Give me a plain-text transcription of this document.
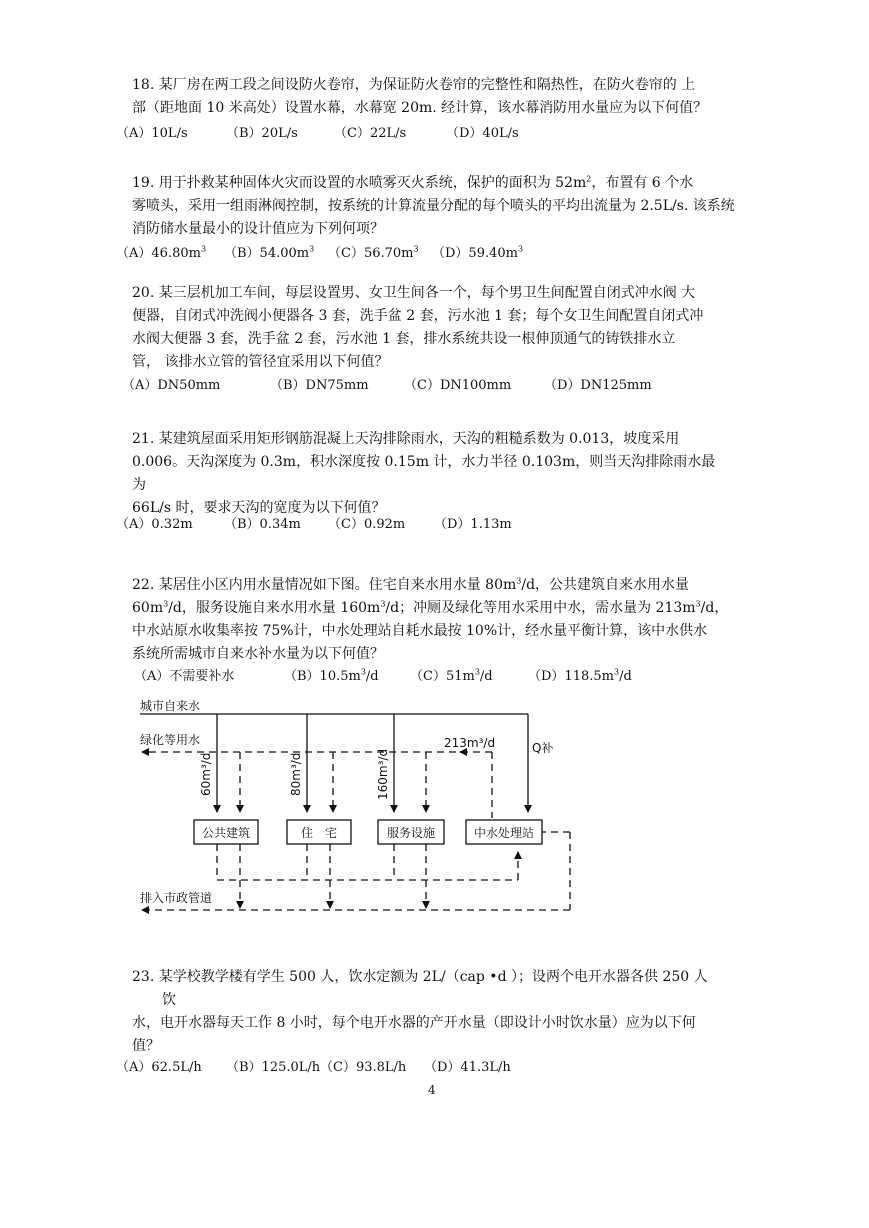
18. 某厂房在两工段之间设防火卷帘，为保证防火卷帘的完整性和隔热性，在防火卷帘的 上

部（距地面 10 米高处）设置水幕，水幕宽 20m. 经计算，该水幕消防用水量应为以下何值？

（A）10L/s	（B）20L/s	（C）22L/s	（D）40L/s

19. 用于扑救某种固体火灾而设置的水喷雾灭火系统，保护的面积为 $52m^2$，布置有 6 个水

雾喷头，采用一组雨淋阀控制，按系统的计算流量分配的每个喷头的平均出流量为 2.5L/s. 该系统

消防储水量最小的设计值应为下列何项？

$(A)46.80m^3$	$(B)54.00m^3$	$(C)56.70m^3$	$(D)59.40m^3$

20. 某三层机加工车间，每层设置男、女卫生间各一个，每个男卫生间配置自闭式冲水阀 大

便器，自闭式冲洗阀小便器各 3 套，洗手盆 2 套，污水池 1 套；每个女卫生间配置自闭式冲

水阀大便器 3 套，洗手盆 2 套，污水池 1 套，排水系统共设一根伸顶通气的铸铁排水立

管， 该排水立管的管径宜采用以下何值？

（A）DN50mm	（B）DN75mm	（C）DN100mm	（D）DN125mm

21. 某建筑屋面采用矩形钢筋混凝上天沟排除雨水，天沟的粗糙系数为 0.013，坡度采用

0.006。天沟深度为 0.3m，积水深度按 0.15m 计，水力半径 0.103m，则当天沟排除雨水最

为

66L/s 时，要求天沟的宽度为以下何值？

（A）0.32m	（B）0.34m	（C）0.92m	（D）1.13m

22. 某居住小区内用水量情况如下图。住宅自来水用水量 $80m^3/d$，公共建筑自来水用水量

$60m^3/d$，服务设施自来水用水量 $160m^3/d$；冲厕及绿化等用水采用中水，需水量为 $213m^3/d$，

中水站原水收集率按 75%计，中水处理站自耗水最按 10%计，经水量平衡计算，该中水供水

系统所需城市自来水补水量为以下何值？

（A）不需要补水	$(B)10.5m^3/d$	$(C)51m^3/d$	$(D)118.5m^3/d$
城市自来水
绿化等用水
排入市政管道
213m³/d	Q补
60m³/d	80m³/d	160m³/d
公共建筑	住　宅	服务设施	中水处理站

23. 某学校教学楼有学生 500 人，饮水定额为 2L/（cap •d ）；设两个电开水器各供 250 人

饮

水，电开水器每天工作 8 小时，每个电开水器的产开水量（即设计小时饮水量）应为以下何

值？

（A）62.5L/h	（B）125.0L/h （C）93.8L/h	（D）41.3L/h
4
